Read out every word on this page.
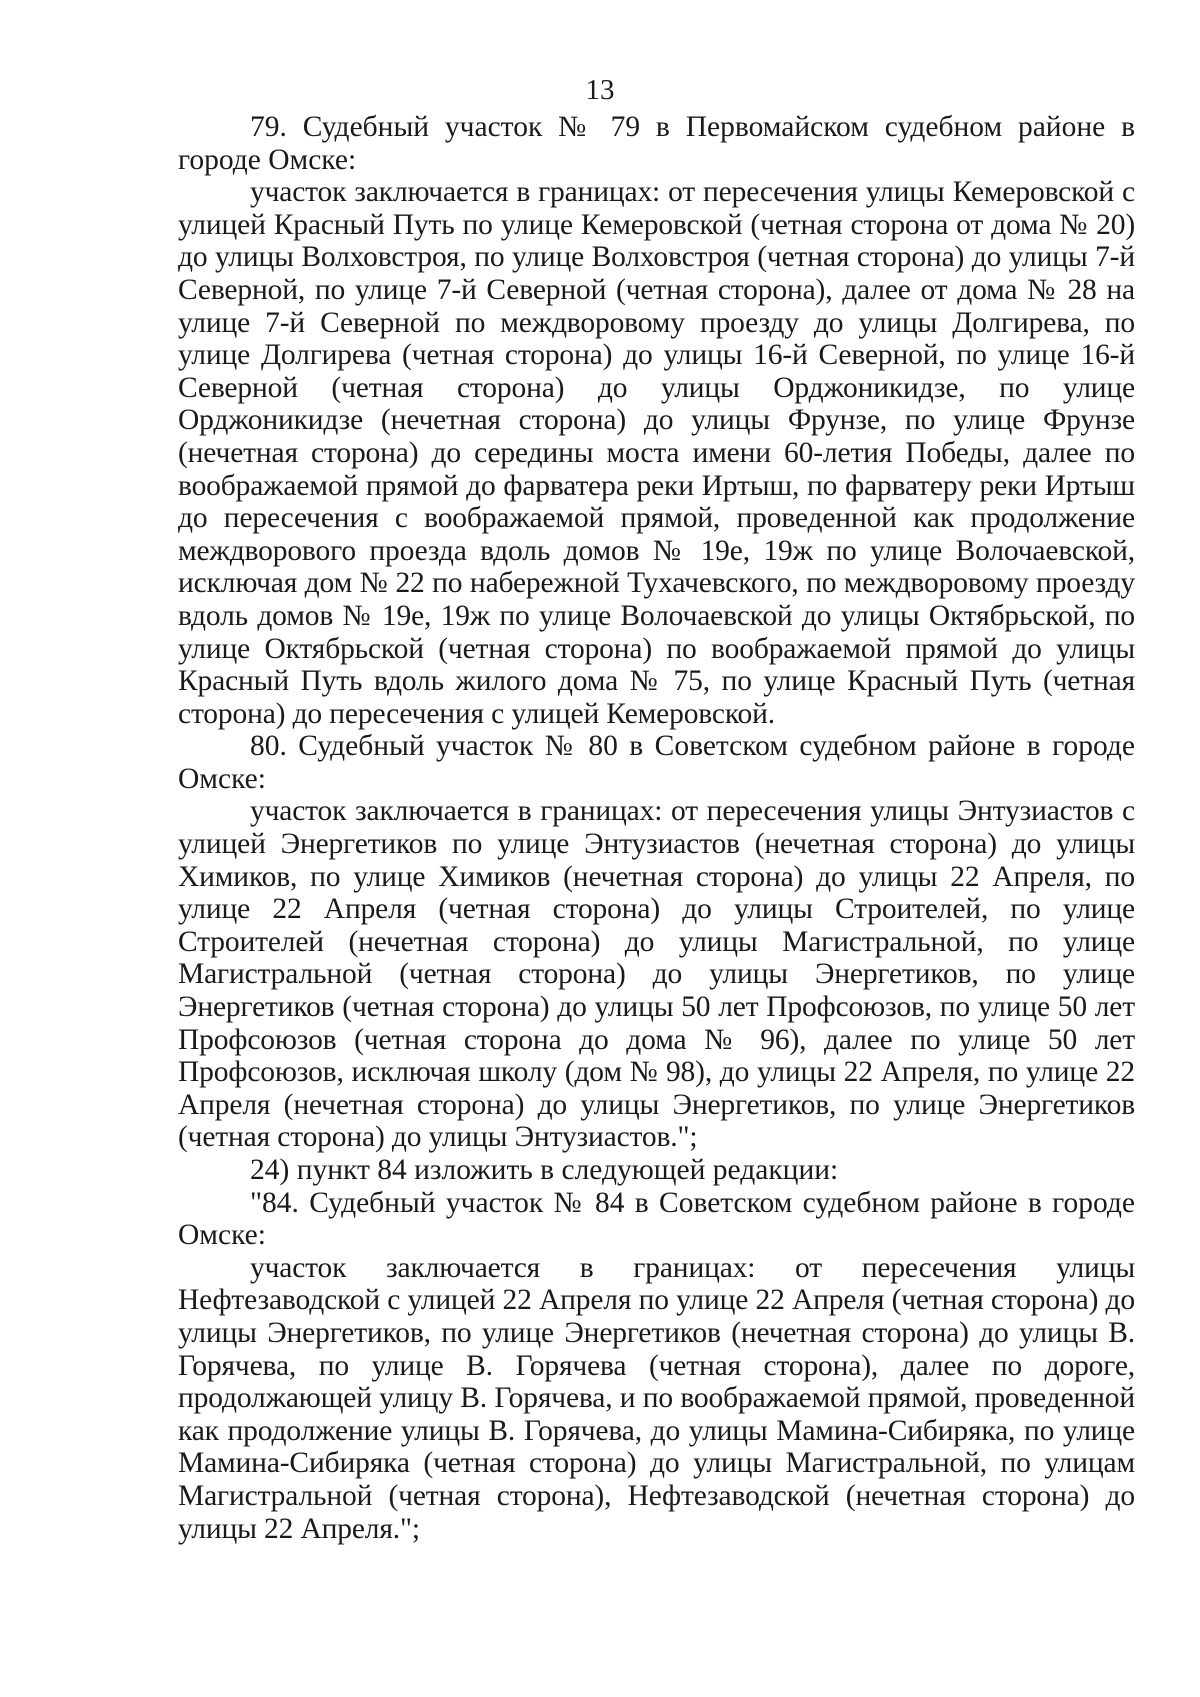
13

79. Судебный участок № 79 в Первомайском судебном районе в городе Омске:

участок заключается в границах: от пересечения улицы Кемеровской с улицей Красный Путь по улице Кемеровской (четная сторона от дома № 20) до улицы Волховстроя, по улице Волховстроя (четная сторона) до улицы 7-й Северной, по улице 7-й Северной (четная сторона), далее от дома № 28 на улице 7-й Северной по междворовому проезду до улицы Долгирева, по улице Долгирева (четная сторона) до улицы 16-й Северной, по улице 16-й Северной (четная сторона) до улицы Орджоникидзе, по улице Орджоникидзе (нечетная сторона) до улицы Фрунзе, по улице Фрунзе (нечетная сторона) до середины моста имени 60-летия Победы, далее по воображаемой прямой до фарватера реки Иртыш, по фарватеру реки Иртыш до пересечения с воображаемой прямой, проведенной как продолжение междворового проезда вдоль домов № 19е, 19ж по улице Волочаевской, исключая дом № 22 по набережной Тухачевского, по междворовому проезду вдоль домов № 19е, 19ж по улице Волочаевской до улицы Октябрьской, по улице Октябрьской (четная сторона) по воображаемой прямой до улицы Красный Путь вдоль жилого дома № 75, по улице Красный Путь (четная сторона) до пересечения с улицей Кемеровской.

80. Судебный участок № 80 в Советском судебном районе в городе Омске:

участок заключается в границах: от пересечения улицы Энтузиастов с улицей Энергетиков по улице Энтузиастов (нечетная сторона) до улицы Химиков, по улице Химиков (нечетная сторона) до улицы 22 Апреля, по улице 22 Апреля (четная сторона) до улицы Строителей, по улице Строителей (нечетная сторона) до улицы Магистральной, по улице Магистральной (четная сторона) до улицы Энергетиков, по улице Энергетиков (четная сторона) до улицы 50 лет Профсоюзов, по улице 50 лет Профсоюзов (четная сторона до дома № 96), далее по улице 50 лет Профсоюзов, исключая школу (дом № 98), до улицы 22 Апреля, по улице 22 Апреля (нечетная сторона) до улицы Энергетиков, по улице Энергетиков (четная сторона) до улицы Энтузиастов.";

24) пункт 84 изложить в следующей редакции:

"84. Судебный участок № 84 в Советском судебном районе в городе Омске:

участок заключается в границах: от пересечения улицы Нефтезаводской с улицей 22 Апреля по улице 22 Апреля (четная сторона) до улицы Энергетиков, по улице Энергетиков (нечетная сторона) до улицы В. Горячева, по улице В. Горячева (четная сторона), далее по дороге, продолжающей улицу В. Горячева, и по воображаемой прямой, проведенной как продолжение улицы В. Горячева, до улицы Мамина-Сибиряка, по улице Мамина-Сибиряка (четная сторона) до улицы Магистральной, по улицам Магистральной (четная сторона), Нефтезаводской (нечетная сторона) до улицы 22 Апреля.";
